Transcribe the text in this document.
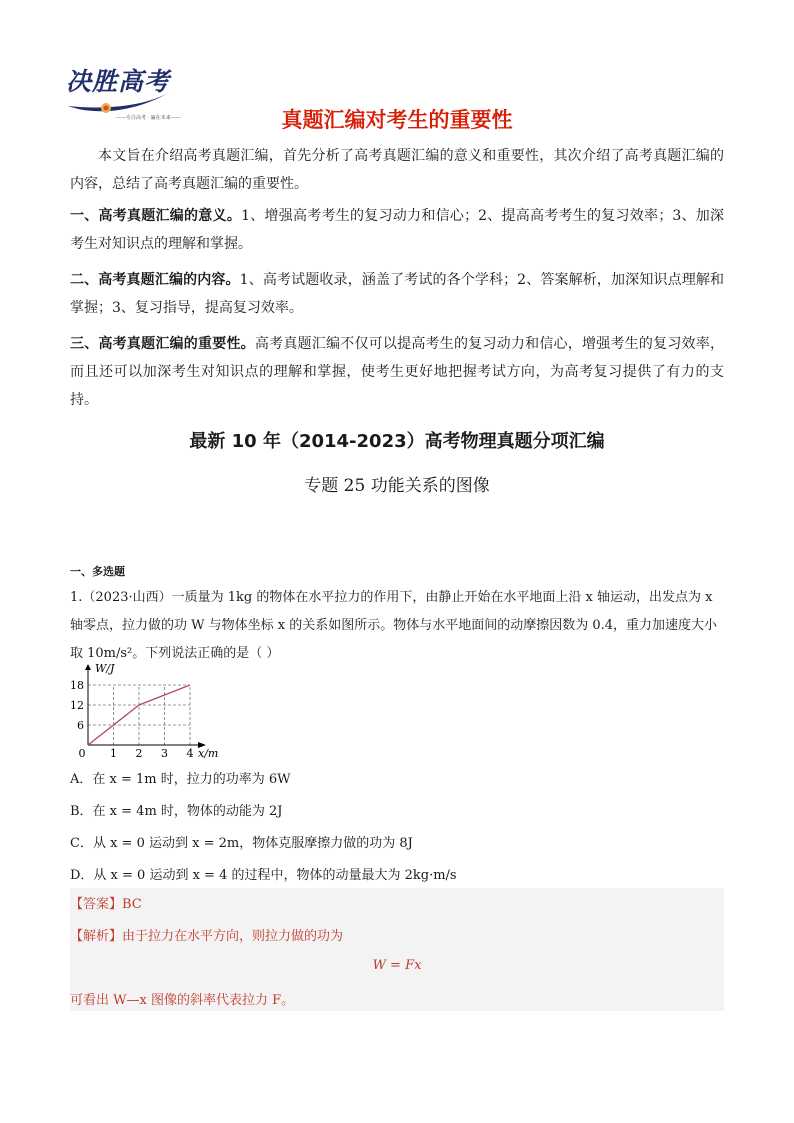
决胜高考
——专注高考 · 赢在未来——	真题汇编对考生的重要性

本文旨在介绍高考真题汇编，首先分析了高考真题汇编的意义和重要性，其次介绍了高考真题汇编的内容，总结了高考真题汇编的重要性。

一、高考真题汇编的意义。1、增强高考考生的复习动力和信心；2、提高高考考生的复习效率；3、加深考生对知识点的理解和掌握。

二、高考真题汇编的内容。1、高考试题收录，涵盖了考试的各个学科；2、答案解析，加深知识点理解和掌握；3、复习指导，提高复习效率。

三、高考真题汇编的重要性。高考真题汇编不仅可以提高考生的复习动力和信心，增强考生的复习效率，而且还可以加深考生对知识点的理解和掌握，使考生更好地把握考试方向，为高考复习提供了有力的支持。

最新 10 年（2014-2023）高考物理真题分项汇编
专题 25 功能关系的图像
一、多选题
1.（2023·山西）一质量为 1kg 的物体在水平拉力的作用下，由静止开始在水平地面上沿 x 轴运动，出发点为 x 轴零点，拉力做的功 W 与物体坐标 x 的关系如图所示。物体与水平地面间的动摩擦因数为 0.4，重力加速度大小取 10m/s²。下列说法正确的是（ ）
6
12
18
0 1 2 3 4
W/J
x/m
A．在 x = 1m 时，拉力的功率为 6W
B．在 x = 4m 时，物体的动能为 2J
C．从 x = 0 运动到 x = 2m，物体克服摩擦力做的功为 8J
D．从 x = 0 运动到 x = 4 的过程中，物体的动量最大为 2kg·m/s
【答案】BC
【解析】由于拉力在水平方向，则拉力做的功为
W = Fx
可看出 W—x 图像的斜率代表拉力 F。
